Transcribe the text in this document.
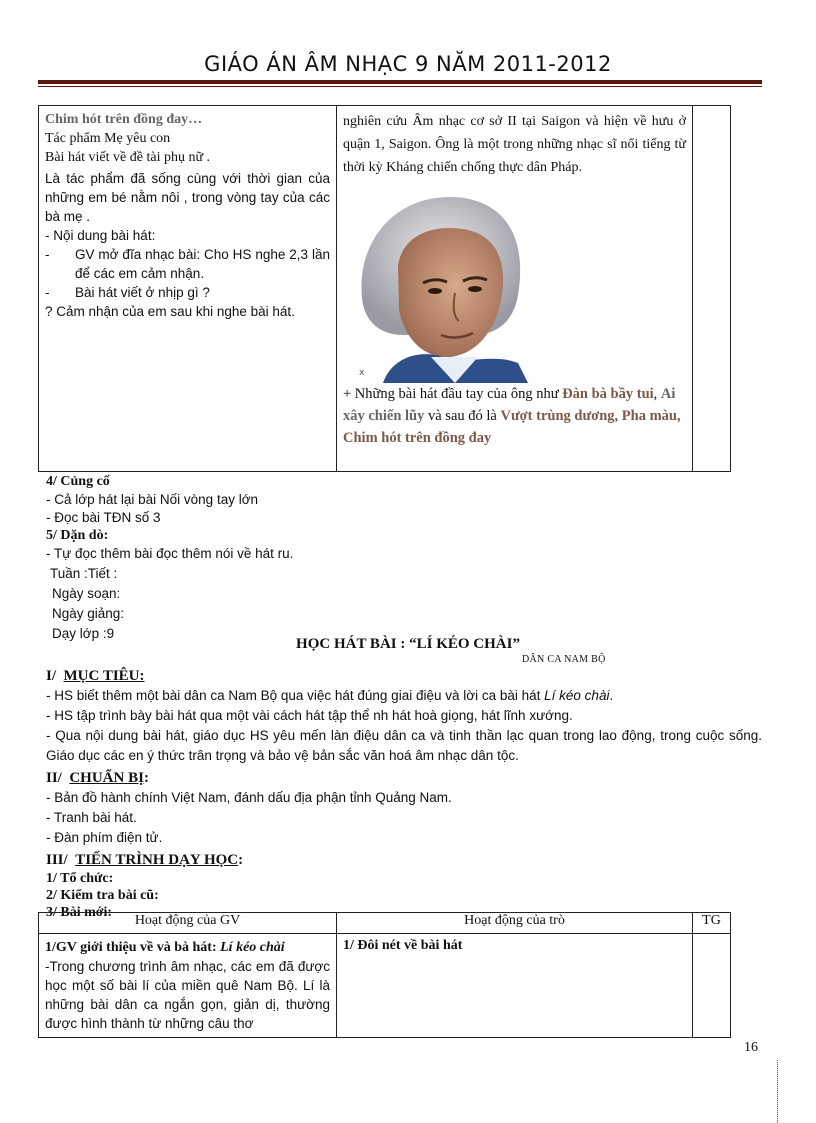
GIÁO ÁN ÂM NHẠC 9 NĂM 2011-2012
Chim hót trên đồng đay…
Tác phẩm Mẹ yêu con
Bài hát viết về đề tài phụ nữ .
Là tác phẩm đã sống cùng với thời gian của những em bé nằm nôi , trong vòng tay của các bà mẹ .
- Nội dung bài hát:
-	GV mở đĩa nhạc bài: Cho HS nghe 2,3 lần để các em cảm nhận.
-	Bài hát viết ở nhịp gì ?
? Cảm nhận của em sau khi nghe bài hát.

nghiên cứu Âm nhạc cơ sở II tại Saigon và hiện về hưu ở quận 1, Saigon. Ông là một trong những nhạc sĩ nổi tiếng từ thời kỳ Kháng chiến chống thực dân Pháp.
x
+ Những bài hát đầu tay của ông như Đàn bà bầy tui, Ai xây chiến lũy và sau đó là Vượt trùng dương, Pha màu, Chim hót trên đồng đay

4/ Củng cố
- Cả lớp hát lại bài Nối vòng tay lớn
- Đọc bài TĐN số 3
5/ Dặn dò:
- Tự đọc thêm bài đọc thêm nói về hát ru.
Tuần :Tiết :
Ngày soạn:
Ngày giảng:
Dạy lớp :9
HỌC HÁT BÀI : “LÍ KÉO CHÀI”
DÂN CA NAM BỘ
I/ MỤC TIÊU:
- HS biết thêm một bài dân ca Nam Bộ qua việc hát đúng giai điệu và lời ca bài hát Lí kéo chài.
- HS tập trình bày bài hát qua một vài cách hát tập thể nh hát hoà giọng, hát lĩnh xướng.
- Qua nội dung bài hát, giáo dục HS yêu mến làn điệu dân ca và tinh thần lạc quan trong lao động, trong cuộc sống. Giáo dục các en ý thức trân trọng và bảo vệ bản sắc văn hoá âm nhạc dân tộc.
II/ CHUẨN BỊ:
- Bản đồ hành chính Việt Nam, đánh dấu địa phận tỉnh Quảng Nam.
- Tranh bài hát.
- Đàn phím điện tử.
III/ TIẾN TRÌNH DẠY HỌC:
1/ Tổ chức:
2/ Kiểm tra bài cũ:
3/ Bài mới:
Hoạt động của GV	Hoạt động của trò	TG

1/GV giới thiệu về và bà hát: Lí kéo chài
-Trong chương trình âm nhạc, các em đã được học một số bài lí của miền quê Nam Bộ. Lí là những bài dân ca ngắn gọn, giản dị, thường được hình thành từ những câu thơ	1/ Đôi nét về bài hát	
16
